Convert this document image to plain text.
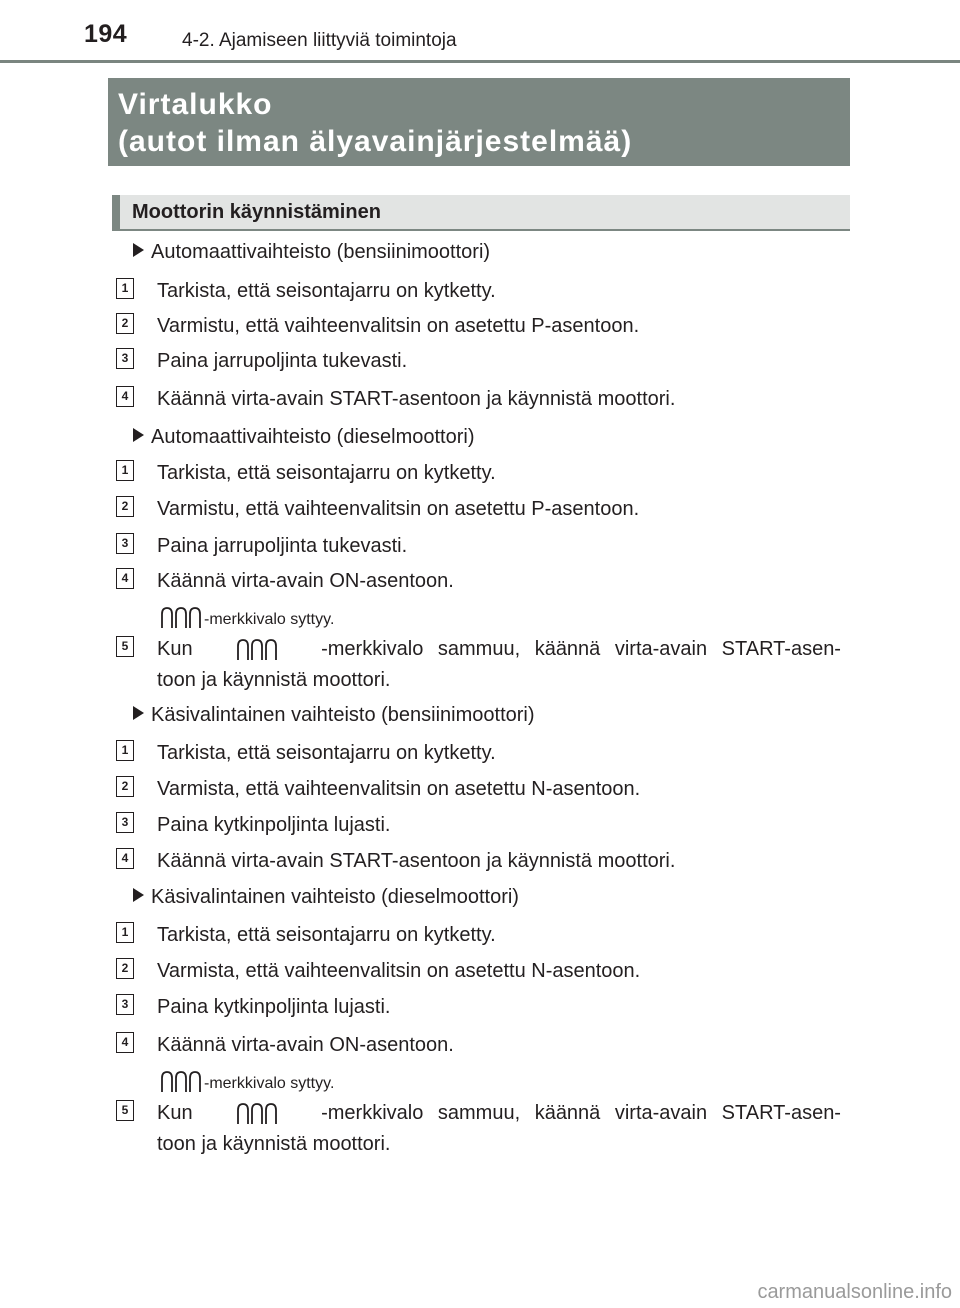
194	4-2. Ajamiseen liittyviä toimintoja
Virtalukko
(autot ilman älyavainjärjestelmää)
Moottorin käynnistäminen
Automaattivaihteisto (bensiinimoottori)
1 Tarkista, että seisontajarru on kytketty.
2 Varmistu, että vaihteenvalitsin on asetettu P-asentoon.
3 Paina jarrupoljinta tukevasti.
4 Käännä virta-avain START-asentoon ja käynnistä moottori.
Automaattivaihteisto (dieselmoottori)
1 Tarkista, että seisontajarru on kytketty.
2 Varmistu, että vaihteenvalitsin on asetettu P-asentoon.
3 Paina jarrupoljinta tukevasti.
4 Käännä virta-avain ON-asentoon.
-merkkivalo syttyy.
5 Kun	-merkkivalo sammuu, käännä virta-avain START-asen-
toon ja käynnistä moottori.
Käsivalintainen vaihteisto (bensiinimoottori)
1 Tarkista, että seisontajarru on kytketty.
2 Varmista, että vaihteenvalitsin on asetettu N-asentoon.
3 Paina kytkinpoljinta lujasti.
4 Käännä virta-avain START-asentoon ja käynnistä moottori.
Käsivalintainen vaihteisto (dieselmoottori)
1 Tarkista, että seisontajarru on kytketty.
2 Varmista, että vaihteenvalitsin on asetettu N-asentoon.
3 Paina kytkinpoljinta lujasti.
4 Käännä virta-avain ON-asentoon.
-merkkivalo syttyy.
5 Kun	-merkkivalo sammuu, käännä virta-avain START-asen-
toon ja käynnistä moottori.
carmanualsonline.info
